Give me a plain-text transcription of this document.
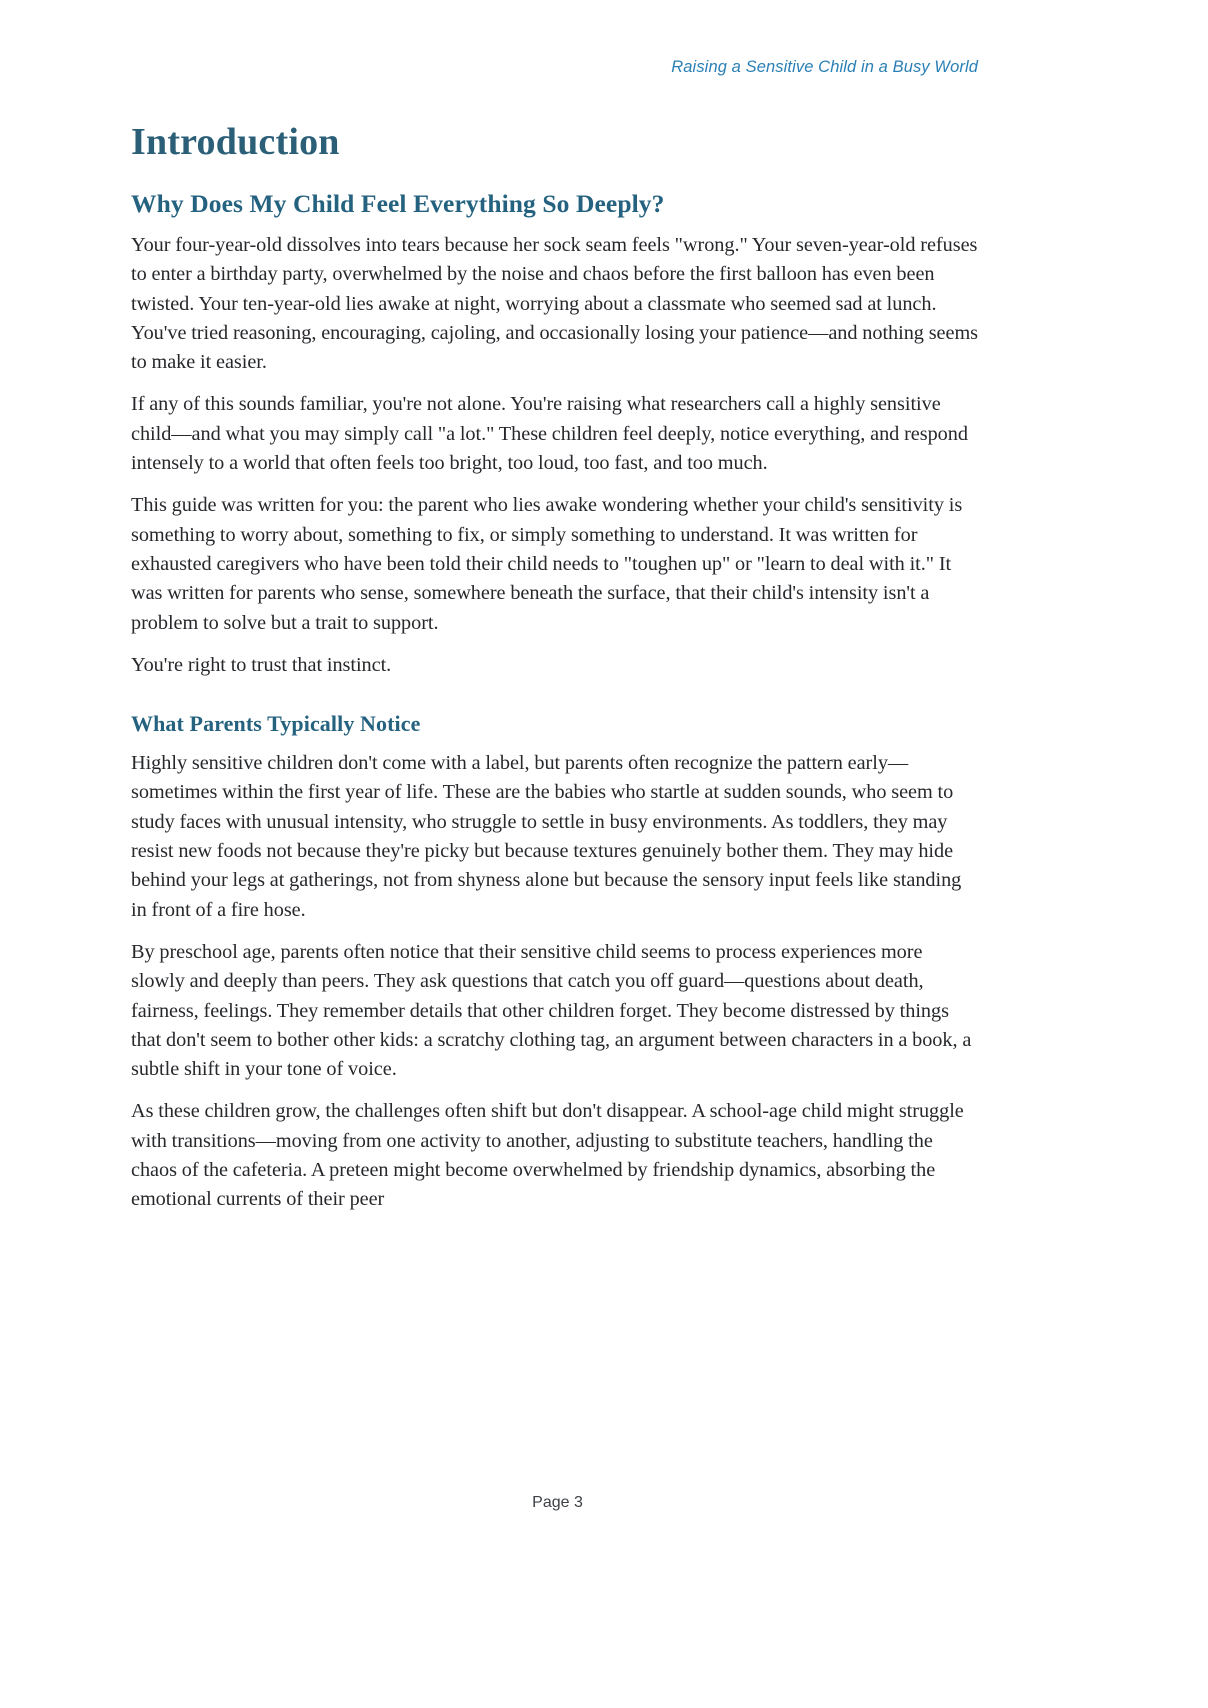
Raising a Sensitive Child in a Busy World
Introduction
Why Does My Child Feel Everything So Deeply?

Your four-year-old dissolves into tears because her sock seam feels "wrong." Your seven-year-old refuses to enter a birthday party, overwhelmed by the noise and chaos before the first balloon has even been twisted. Your ten-year-old lies awake at night, worrying about a classmate who seemed sad at lunch. You've tried reasoning, encouraging, cajoling, and occasionally losing your patience—and nothing seems to make it easier.

If any of this sounds familiar, you're not alone. You're raising what researchers call a highly sensitive child—and what you may simply call "a lot." These children feel deeply, notice everything, and respond intensely to a world that often feels too bright, too loud, too fast, and too much.

This guide was written for you: the parent who lies awake wondering whether your child's sensitivity is something to worry about, something to fix, or simply something to understand. It was written for exhausted caregivers who have been told their child needs to "toughen up" or "learn to deal with it." It was written for parents who sense, somewhere beneath the surface, that their child's intensity isn't a problem to solve but a trait to support.

You're right to trust that instinct.

What Parents Typically Notice

Highly sensitive children don't come with a label, but parents often recognize the pattern early—sometimes within the first year of life. These are the babies who startle at sudden sounds, who seem to study faces with unusual intensity, who struggle to settle in busy environments. As toddlers, they may resist new foods not because they're picky but because textures genuinely bother them. They may hide behind your legs at gatherings, not from shyness alone but because the sensory input feels like standing in front of a fire hose.

By preschool age, parents often notice that their sensitive child seems to process experiences more slowly and deeply than peers. They ask questions that catch you off guard—questions about death, fairness, feelings. They remember details that other children forget. They become distressed by things that don't seem to bother other kids: a scratchy clothing tag, an argument between characters in a book, a subtle shift in your tone of voice.

As these children grow, the challenges often shift but don't disappear. A school-age child might struggle with transitions—moving from one activity to another, adjusting to substitute teachers, handling the chaos of the cafeteria. A preteen might become overwhelmed by friendship dynamics, absorbing the emotional currents of their peer

Page 3
